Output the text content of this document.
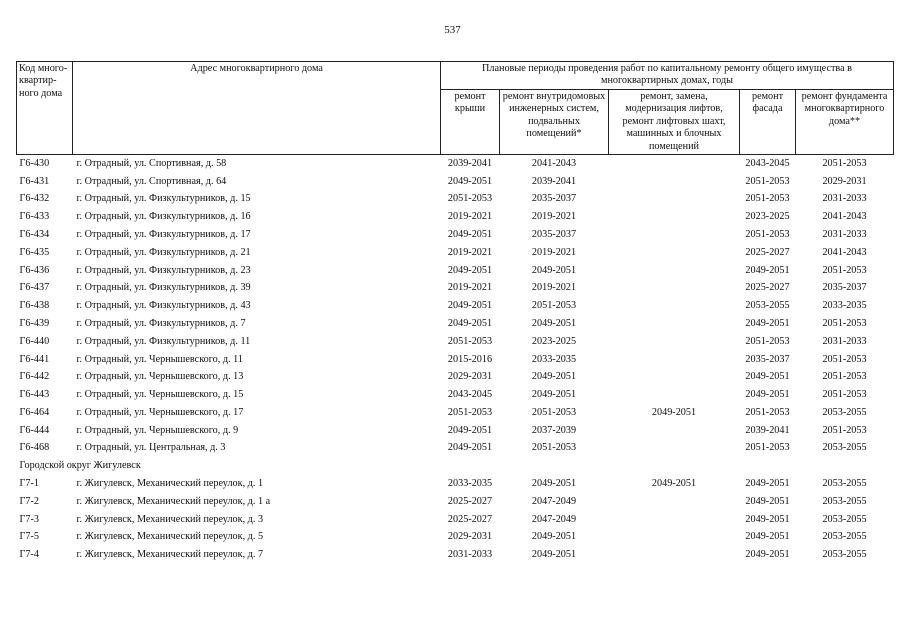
537
Код много-квартир-ного дома	Адрес многоквартирного дома	Плановые периоды проведения работ по капитальному ремонту общего имущества в многоквартирных домах, годы				
		ремонт крыши	ремонт внутридомовых инженерных систем, подвальных помещений*	ремонт, замена, модернизация лифтов, ремонт лифтовых шахт, машинных и блочных помещений	ремонт фасада	ремонт фундамента многоквартирного дома**
Г6-430	г. Отрадный, ул. Спортивная, д. 58	2039-2041	2041-2043		2043-2045	2051-2053
Г6-431	г. Отрадный, ул. Спортивная, д. 64	2049-2051	2039-2041		2051-2053	2029-2031
Г6-432	г. Отрадный, ул. Физкультурников, д. 15	2051-2053	2035-2037		2051-2053	2031-2033
Г6-433	г. Отрадный, ул. Физкультурников, д. 16	2019-2021	2019-2021		2023-2025	2041-2043
Г6-434	г. Отрадный, ул. Физкультурников, д. 17	2049-2051	2035-2037		2051-2053	2031-2033
Г6-435	г. Отрадный, ул. Физкультурников, д. 21	2019-2021	2019-2021		2025-2027	2041-2043
Г6-436	г. Отрадный, ул. Физкультурников, д. 23	2049-2051	2049-2051		2049-2051	2051-2053
Г6-437	г. Отрадный, ул. Физкультурников, д. 39	2019-2021	2019-2021		2025-2027	2035-2037
Г6-438	г. Отрадный, ул. Физкультурников, д. 43	2049-2051	2051-2053		2053-2055	2033-2035
Г6-439	г. Отрадный, ул. Физкультурников, д. 7	2049-2051	2049-2051		2049-2051	2051-2053
Г6-440	г. Отрадный, ул. Физкультурников, д. 11	2051-2053	2023-2025		2051-2053	2031-2033
Г6-441	г. Отрадный, ул. Чернышевского, д. 11	2015-2016	2033-2035		2035-2037	2051-2053
Г6-442	г. Отрадный, ул. Чернышевского, д. 13	2029-2031	2049-2051		2049-2051	2051-2053
Г6-443	г. Отрадный, ул. Чернышевского, д. 15	2043-2045	2049-2051		2049-2051	2051-2053
Г6-464	г. Отрадный, ул. Чернышевского, д. 17	2051-2053	2051-2053	2049-2051	2051-2053	2053-2055
Г6-444	г. Отрадный, ул. Чернышевского, д. 9	2049-2051	2037-2039		2039-2041	2051-2053
Г6-468	г. Отрадный, ул. Центральная, д. 3	2049-2051	2051-2053		2051-2053	2053-2055
Городской округ Жигулевск						
Г7-1	г. Жигулевск, Механический переулок, д. 1	2033-2035	2049-2051	2049-2051	2049-2051	2053-2055
Г7-2	г. Жигулевск, Механический переулок, д. 1 а	2025-2027	2047-2049		2049-2051	2053-2055
Г7-3	г. Жигулевск, Механический переулок, д. 3	2025-2027	2047-2049		2049-2051	2053-2055
Г7-5	г. Жигулевск, Механический переулок, д. 5	2029-2031	2049-2051		2049-2051	2053-2055
Г7-4	г. Жигулевск, Механический переулок, д. 7	2031-2033	2049-2051		2049-2051	2053-2055
